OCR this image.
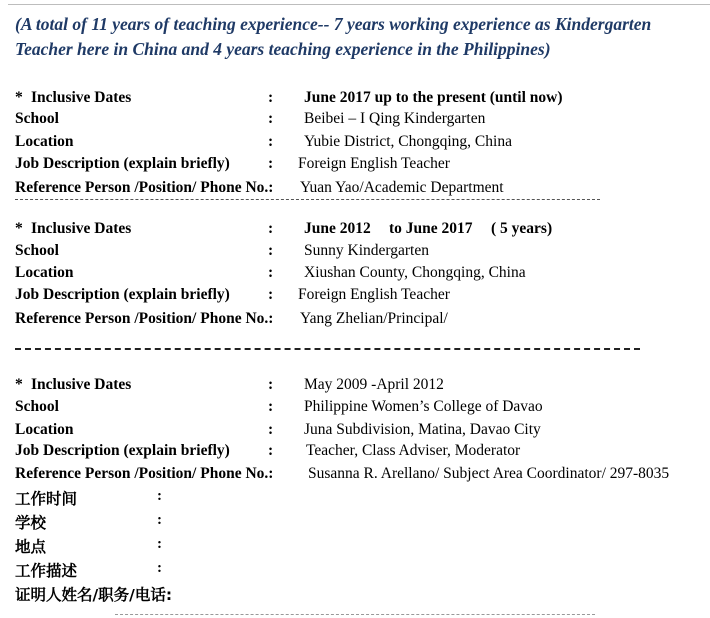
(A total of 11 years of teaching experience-- 7 years working experience as Kindergarten Teacher here in China and 4 years teaching experience in the Philippines)
* Inclusive Dates	: June 2017 up to the present (until now)
School	: Beibei – I Qing Kindergarten
Location	: Yubie District, Chongqing, China
Job Description (explain briefly) : Foreign English Teacher
Reference Person /Position/ Phone No.: Yuan Yao/Academic Department
* Inclusive Dates	: June 2012 to June 2017 ( 5 years)
School	: Sunny Kindergarten
Location	: Xiushan County, Chongqing, China
Job Description (explain briefly) : Foreign English Teacher
Reference Person /Position/ Phone No.: Yang Zhelian/Principal/
* Inclusive Dates	: May 2009 -April 2012
School	: Philippine Women’s College of Davao
Location	: Juna Subdivision, Matina, Davao City
Job Description (explain briefly) : Teacher, Class Adviser, Moderator
Reference Person /Position/ Phone No.: Susanna R. Arellano/ Subject Area Coordinator/ 297-8035
工作时间	:
学校	:
地点	:
工作描述	:
证明人姓名/职务/电话:
